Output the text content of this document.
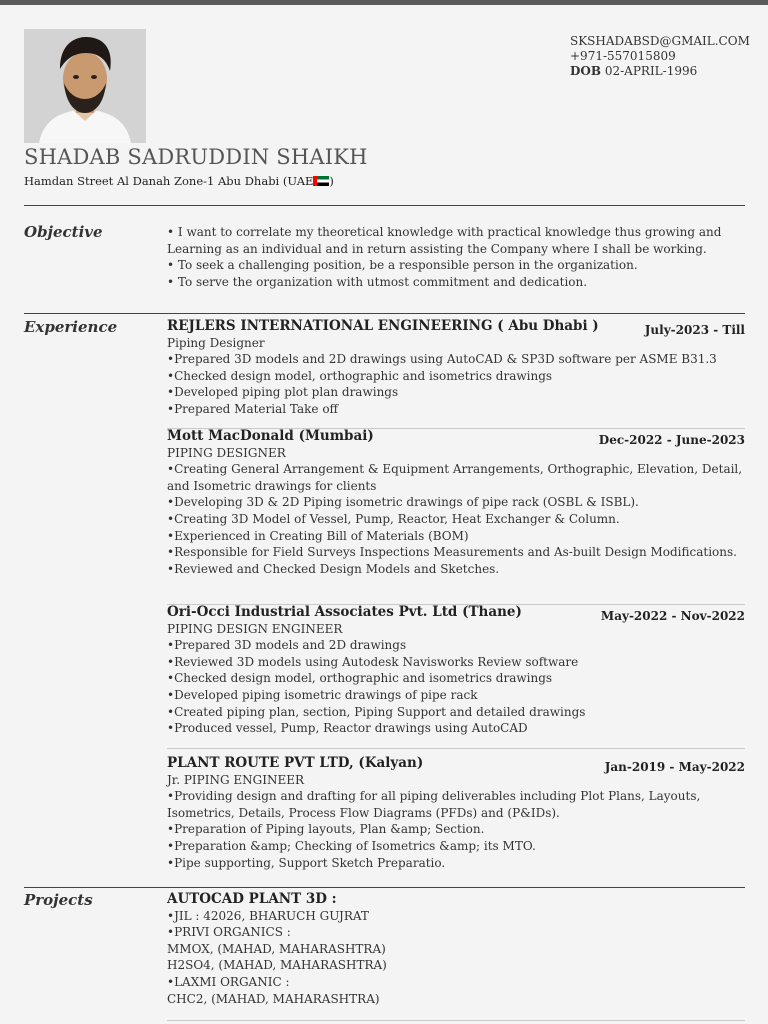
SKSHADABSD@GMAIL.COM
+971-557015809
DOB 02-APRIL-1996
SHADAB SADRUDDIN SHAIKH
Hamdan Street Al Danah Zone-1 Abu Dhabi (UAE )
Objective	• I want to correlate my theoretical knowledge with practical knowledge thus growing and Learning as an individual and in return assisting the Company where I shall be working.
• To seek a challenging position, be a responsible person in the organization.
• To serve the organization with utmost commitment and dedication.
Experience	REJLERS INTERNATIONAL ENGINEERING ( Abu Dhabi )	July-2023 - Till
Piping Designer
•Prepared 3D models and 2D drawings using AutoCAD & SP3D software per ASME B31.3
•Checked design model, orthographic and isometrics drawings
•Developed piping plot plan drawings
•Prepared Material Take off
Mott MacDonald (Mumbai)	Dec-2022 - June-2023
PIPING DESIGNER
•Creating General Arrangement & Equipment Arrangements, Orthographic, Elevation, Detail, and Isometric drawings for clients
•Developing 3D & 2D Piping isometric drawings of pipe rack (OSBL & ISBL).
•Creating 3D Model of Vessel, Pump, Reactor, Heat Exchanger & Column.
•Experienced in Creating Bill of Materials (BOM)
•Responsible for Field Surveys Inspections Measurements and As-built Design Modifications.
•Reviewed and Checked Design Models and Sketches.
Ori-Occi Industrial Associates Pvt. Ltd (Thane)	May-2022 - Nov-2022
PIPING DESIGN ENGINEER
•Prepared 3D models and 2D drawings
•Reviewed 3D models using Autodesk Navisworks Review software
•Checked design model, orthographic and isometrics drawings
•Developed piping isometric drawings of pipe rack
•Created piping plan, section, Piping Support and detailed drawings
•Produced vessel, Pump, Reactor drawings using AutoCAD
PLANT ROUTE PVT LTD, (Kalyan)	Jan-2019 - May-2022
Jr. PIPING ENGINEER
•Providing design and drafting for all piping deliverables including Plot Plans, Layouts, Isometrics, Details, Process Flow Diagrams (PFDs) and (P&IDs).
•Preparation of Piping layouts, Plan &amp; Section.
•Preparation &amp; Checking of Isometrics &amp; its MTO.
•Pipe supporting, Support Sketch Preparatio.
Projects	AUTOCAD PLANT 3D :
•JIL : 42026, BHARUCH GUJRAT
•PRIVI ORGANICS :
MMOX, (MAHAD, MAHARASHTRA)
H2SO4, (MAHAD, MAHARASHTRA)
•LAXMI ORGANIC :
CHC2, (MAHAD, MAHARASHTRA)
